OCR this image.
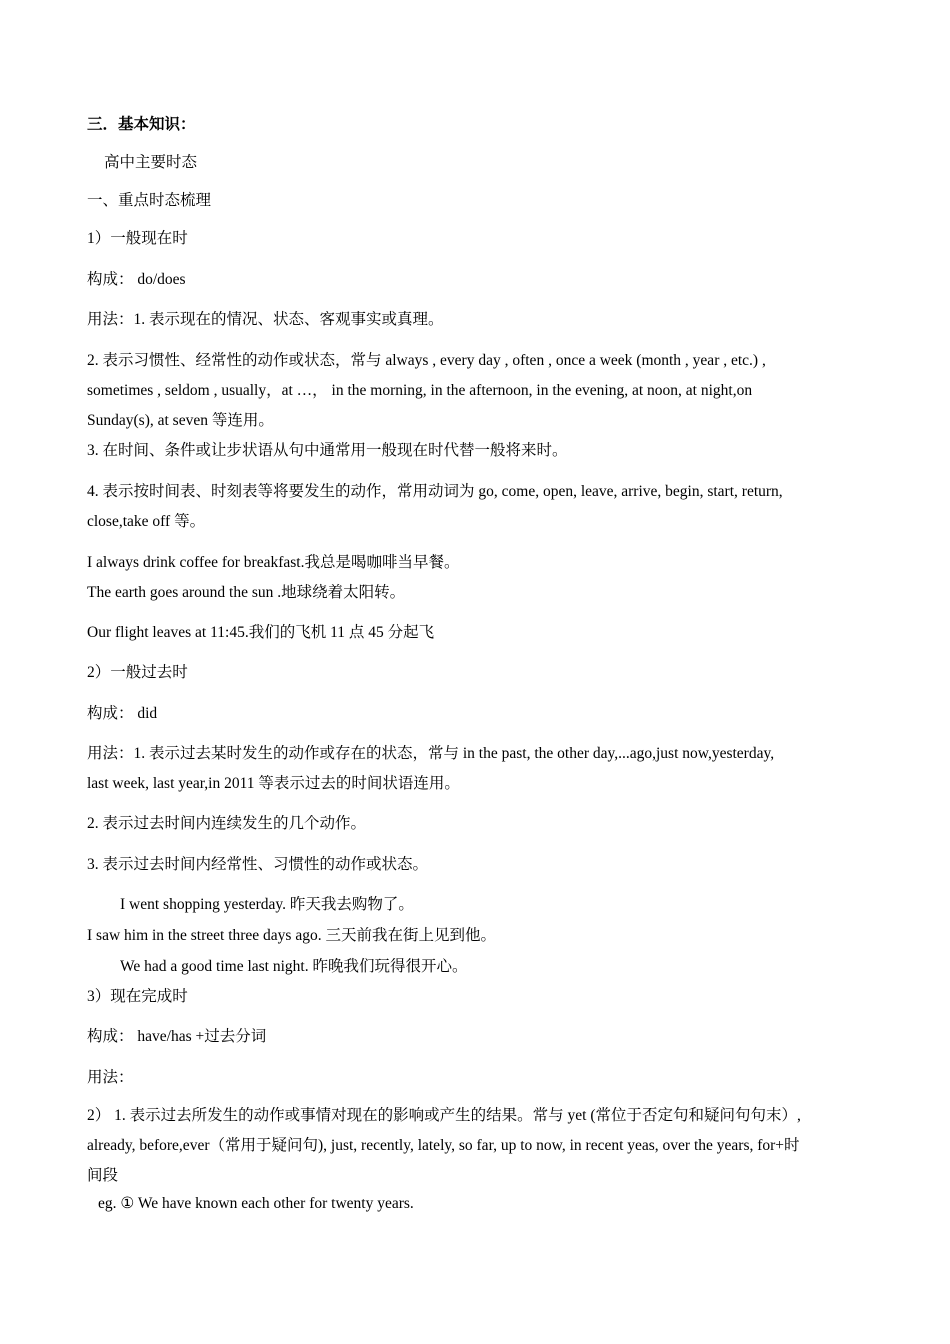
三．基本知识：
高中主要时态
一、重点时态梳理
1）一般现在时
构成： do/does
用法：1. 表示现在的情况、状态、客观事实或真理。
2. 表示习惯性、经常性的动作或状态，常与 always , every day , often , once a week (month , year , etc.) ,
sometimes , seldom , usually，at …， in the morning, in the afternoon, in the evening, at noon, at night,on
Sunday(s), at seven 等连用。
3. 在时间、条件或让步状语从句中通常用一般现在时代替一般将来时。
4. 表示按时间表、时刻表等将要发生的动作，常用动词为 go, come, open, leave, arrive, begin, start, return,
close,take off 等。
I always drink coffee for breakfast.我总是喝咖啡当早餐。
The earth goes around the sun .地球绕着太阳转。
Our flight leaves at 11:45.我们的飞机 11 点 45 分起飞
2）一般过去时
构成： did
用法：1. 表示过去某时发生的动作或存在的状态，常与 in the past, the other day,...ago,just now,yesterday,
last week, last year,in 2011 等表示过去的时间状语连用。
2. 表示过去时间内连续发生的几个动作。
3. 表示过去时间内经常性、习惯性的动作或状态。
I went shopping yesterday. 昨天我去购物了。
I saw him in the street three days ago. 三天前我在街上见到他。
We had a good time last night. 昨晚我们玩得很开心。
3）现在完成时
构成： have/has +过去分词
用法：
2） 1. 表示过去所发生的动作或事情对现在的影响或产生的结果。常与 yet (常位于否定句和疑问句句末）,
already, before,ever（常用于疑问句), just, recently, lately, so far, up to now, in recent yeas, over the years, for+时
间段
eg. ① We have known each other for twenty years.
